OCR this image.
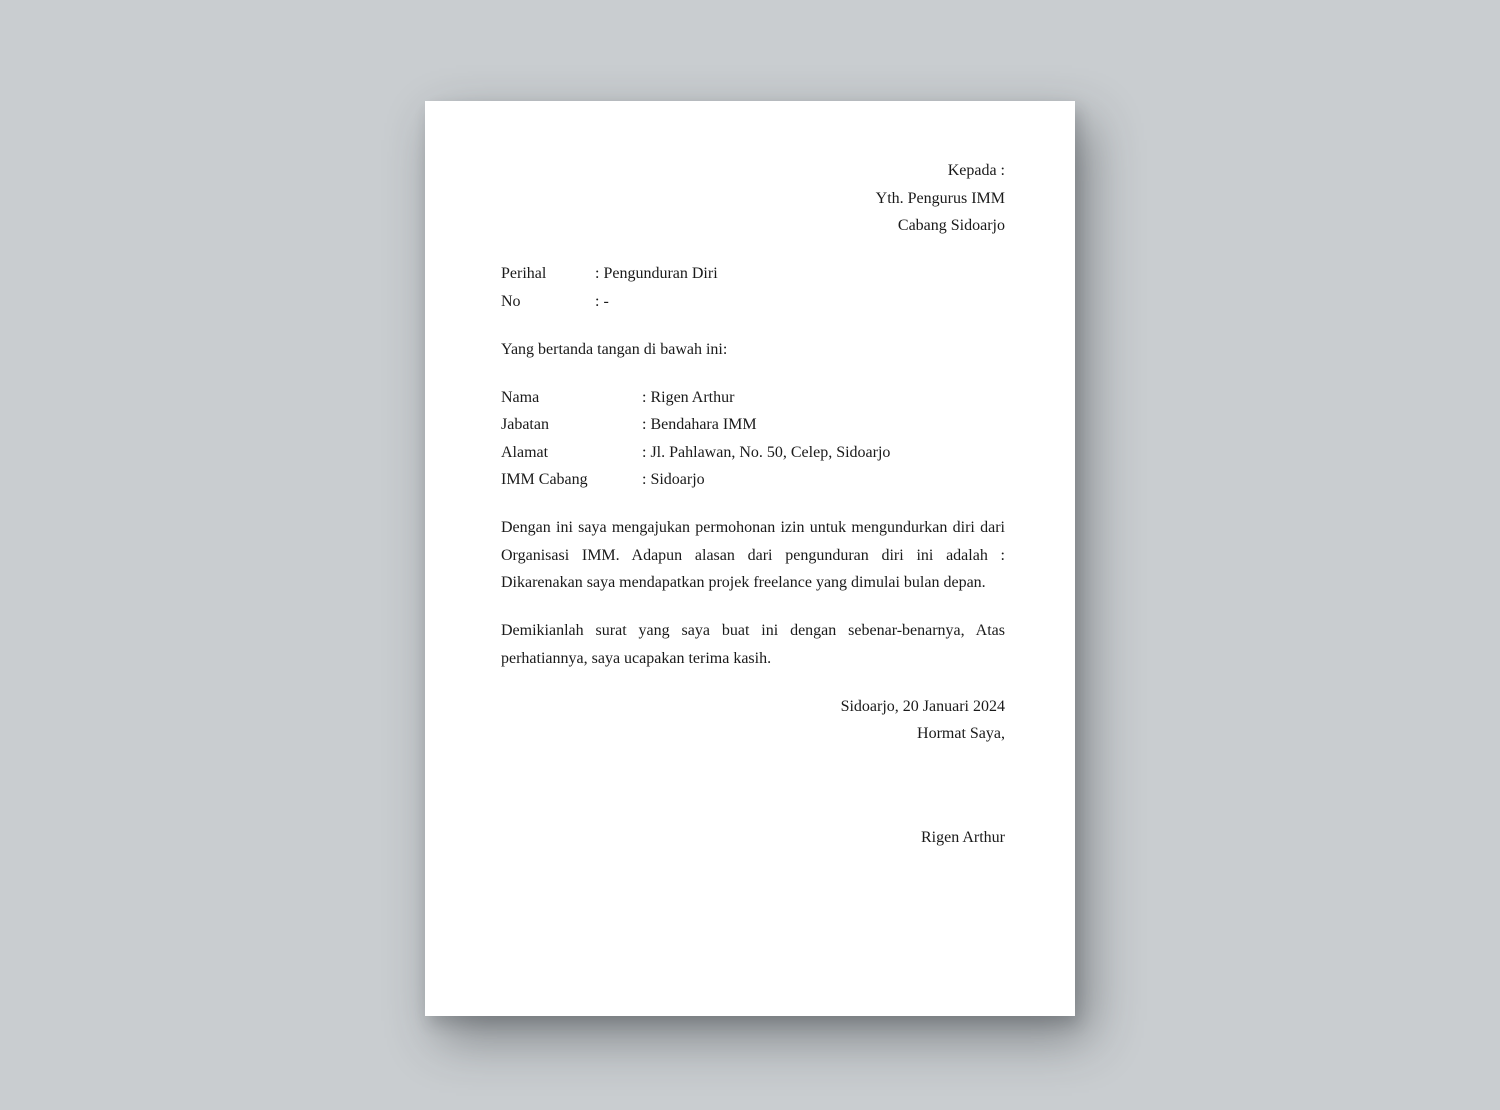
Kepada :
Yth. Pengurus IMM
Cabang Sidoarjo
Perihal	: Pengunduran Diri
No	: -
Yang bertanda tangan di bawah ini:
Nama	: Rigen Arthur
Jabatan	: Bendahara IMM
Alamat	: Jl. Pahlawan, No. 50, Celep, Sidoarjo
IMM Cabang	: Sidoarjo
Dengan ini saya mengajukan permohonan izin untuk mengundurkan diri dari Organisasi IMM. Adapun alasan dari pengunduran diri ini adalah : Dikarenakan saya mendapatkan projek freelance yang dimulai bulan depan.
Demikianlah surat yang saya buat ini dengan sebenar-benarnya, Atas perhatiannya, saya ucapakan terima kasih.
Sidoarjo, 20 Januari 2024
Hormat Saya,
Rigen Arthur
